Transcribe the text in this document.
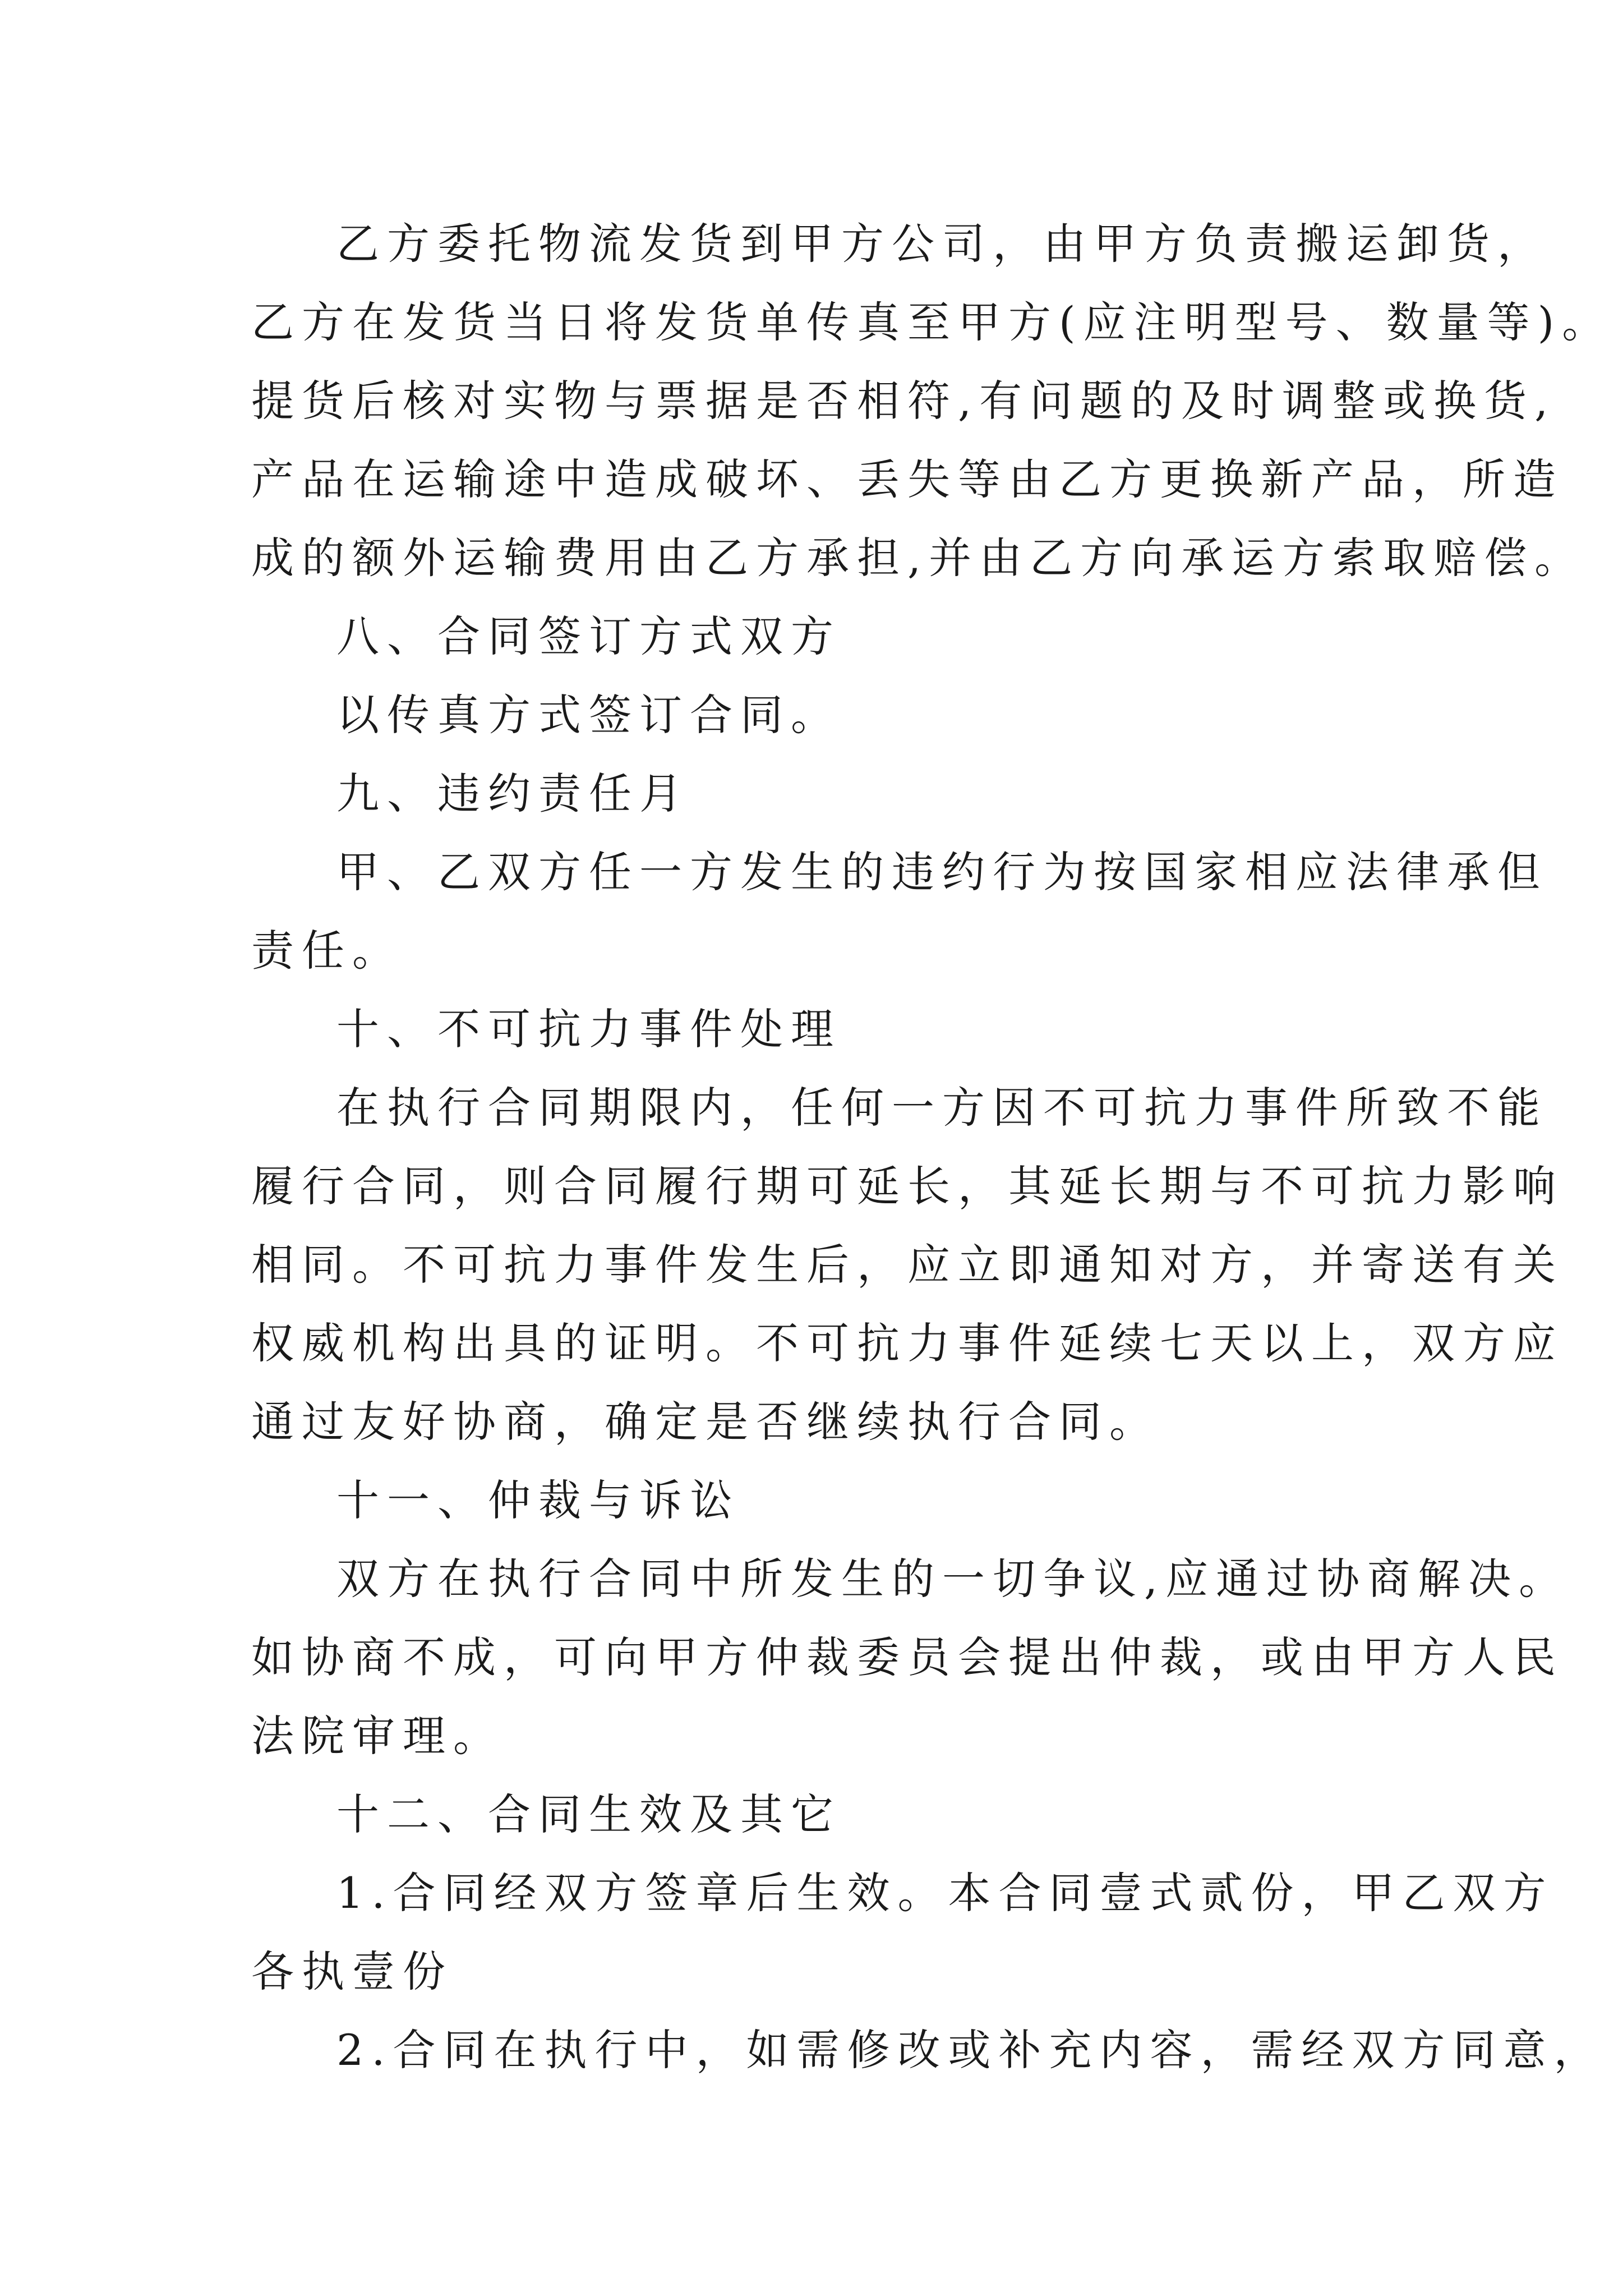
乙方委托物流发货到甲方公司，由甲方负责搬运卸货，
乙方在发货当日将发货单传真至甲方(应注明型号、数量等)。
提货后核对实物与票据是否相符,有问题的及时调整或换货,
产品在运输途中造成破坏、丢失等由乙方更换新产品，所造
成的额外运输费用由乙方承担,并由乙方向承运方索取赔偿。
八、合同签订方式双方
以传真方式签订合同。
九、违约责任月
甲、乙双方任一方发生的违约行为按国家相应法律承但
责任。
十、不可抗力事件处理
在执行合同期限内，任何一方因不可抗力事件所致不能
履行合同，则合同履行期可延长，其延长期与不可抗力影响
相同。不可抗力事件发生后，应立即通知对方，并寄送有关
权威机构出具的证明。不可抗力事件延续七天以上，双方应
通过友好协商，确定是否继续执行合同。
十一、仲裁与诉讼
双方在执行合同中所发生的一切争议,应通过协商解决。
如协商不成，可向甲方仲裁委员会提出仲裁，或由甲方人民
法院审理。
十二、合同生效及其它
1.合同经双方签章后生效。本合同壹式贰份，甲乙双方
各执壹份
2.合同在执行中，如需修改或补充内容，需经双方同意，
